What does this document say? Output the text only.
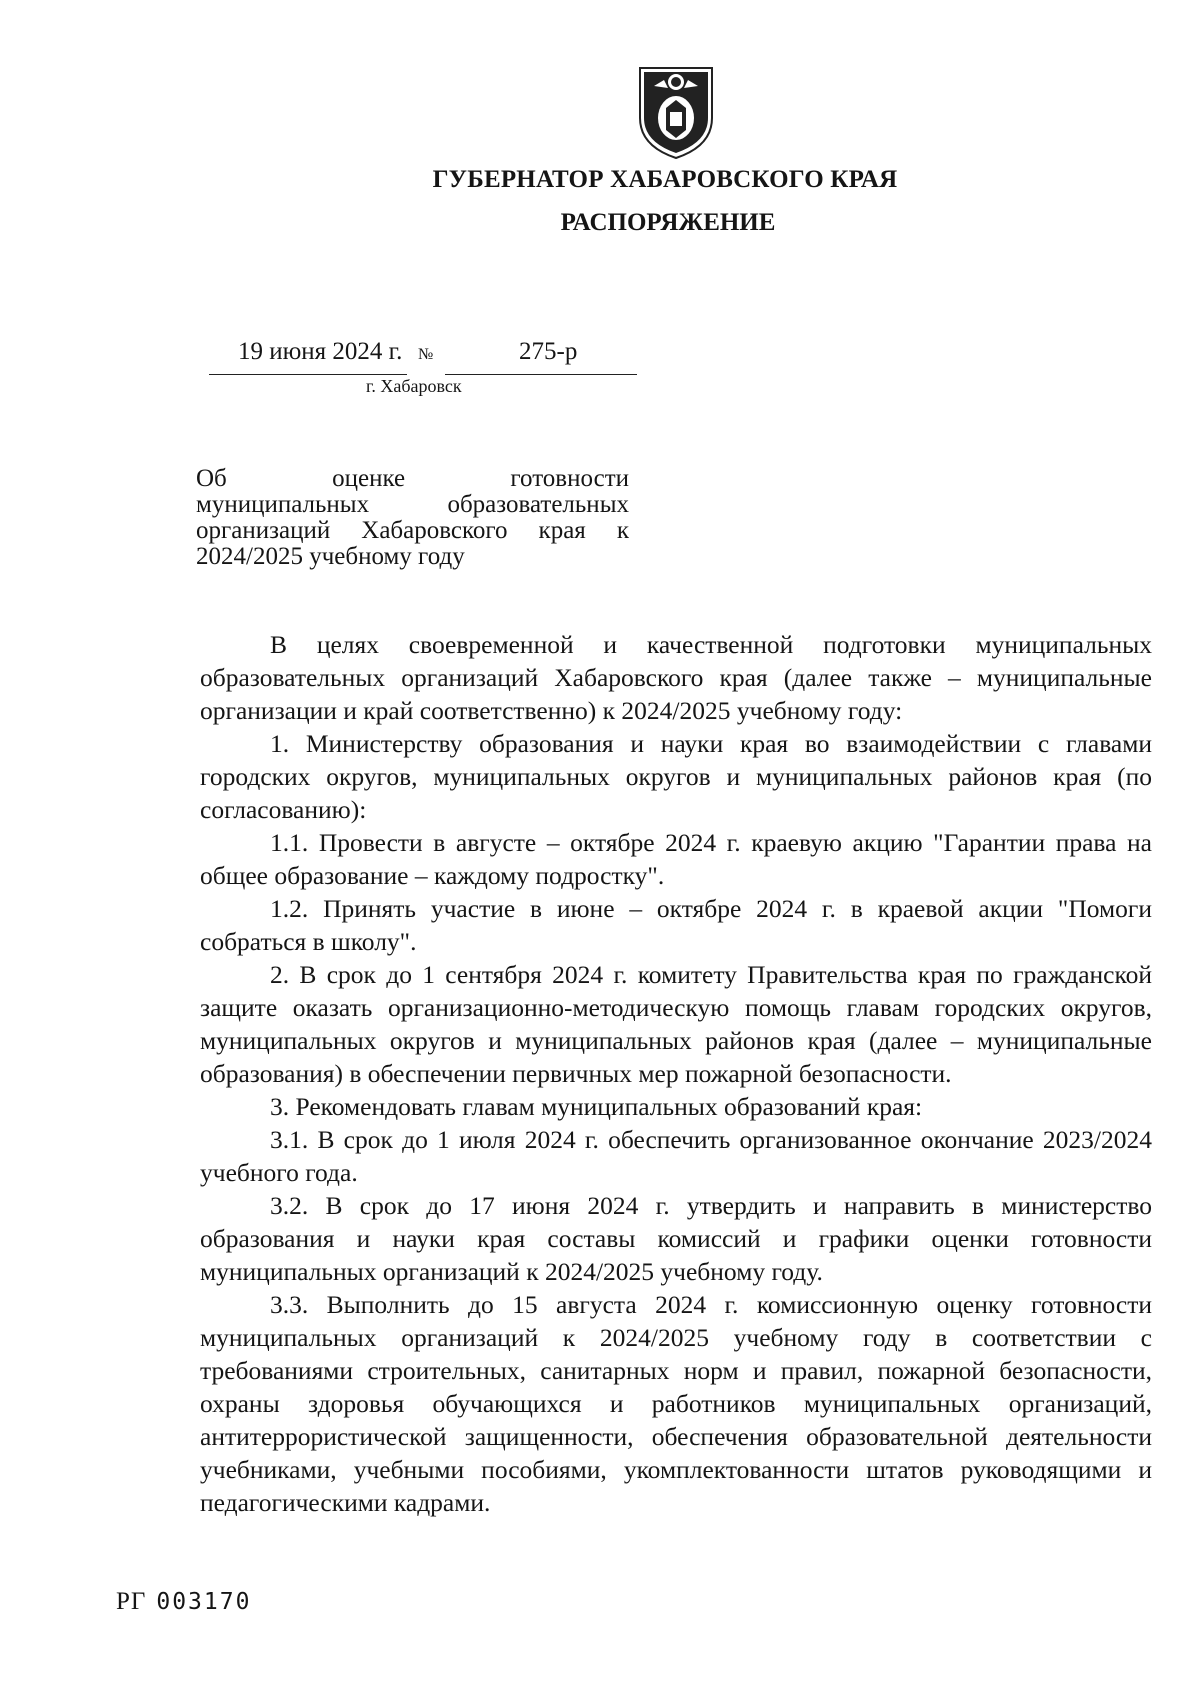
ГУБЕРНАТОР ХАБАРОВСКОГО КРАЯ
РАСПОРЯЖЕНИЕ
19 июня 2024 г. №	275-р
г. Хабаровск
Об оценке готовности
муниципальных образовательных
организаций Хабаровского края к
2024/2025 учебному году

В целях своевременной и качественной подготовки муниципальных образовательных организаций Хабаровского края (далее также – муниципальные организации и край соответственно) к 2024/2025 учебному году:

1. Министерству образования и науки края во взаимодействии с главами городских округов, муниципальных округов и муниципальных районов края (по согласованию):

1.1. Провести в августе – октябре 2024 г. краевую акцию "Гарантии права на общее образование – каждому подростку".

1.2. Принять участие в июне – октябре 2024 г. в краевой акции "Помоги собраться в школу".

2. В срок до 1 сентября 2024 г. комитету Правительства края по гражданской защите оказать организационно-методическую помощь главам городских округов, муниципальных округов и муниципальных районов края (далее – муниципальные образования) в обеспечении первичных мер пожарной безопасности.

3. Рекомендовать главам муниципальных образований края:

3.1. В срок до 1 июля 2024 г. обеспечить организованное окончание 2023/2024 учебного года.

3.2. В срок до 17 июня 2024 г. утвердить и направить в министерство образования и науки края составы комиссий и графики оценки готовности муниципальных организаций к 2024/2025 учебному году.

3.3. Выполнить до 15 августа 2024 г. комиссионную оценку готовности муниципальных организаций к 2024/2025 учебному году в соответствии с требованиями строительных, санитарных норм и правил, пожарной безопасности, охраны здоровья обучающихся и работников муниципальных организаций, антитеррористической защищенности, обеспечения образовательной деятельности учебниками, учебными пособиями, укомплектованности штатов руководящими и педагогическими кадрами.

РГ 003170
